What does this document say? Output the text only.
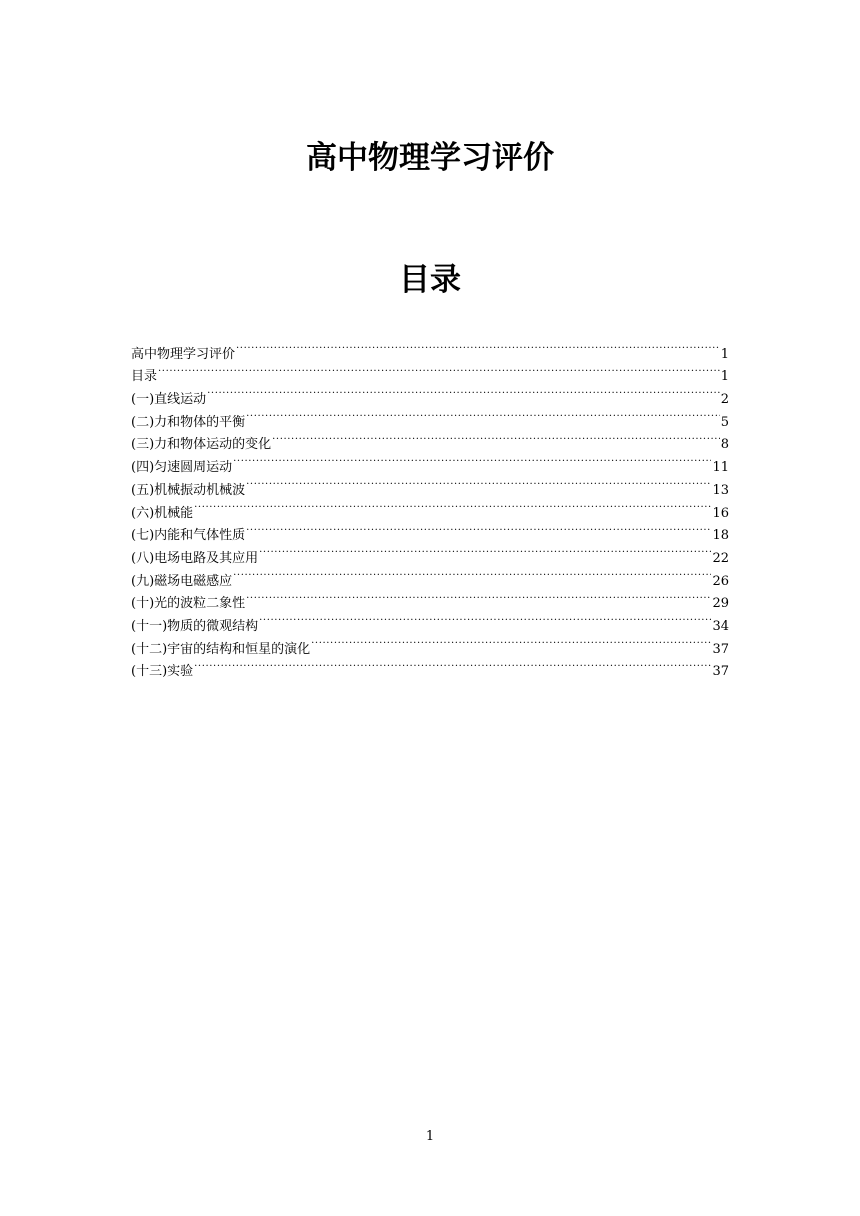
高中物理学习评价
目录
高中物理学习评价 .....	1
目录 .....	1
(一)直线运动 .....	2
(二)力和物体的平衡 .....	5
(三)力和物体运动的变化 .....	8
(四)匀速圆周运动 .....	11
(五)机械振动机械波 .....	13
(六)机械能 .....	16
(七)内能和气体性质 .....	18
(八)电场电路及其应用 .....	22
(九)磁场电磁感应 .....	26
(十)光的波粒二象性 .....	29
(十一)物质的微观结构 .....	34
(十二)宇宙的结构和恒星的演化 .....	37
(十三)实验 .....	37
1
